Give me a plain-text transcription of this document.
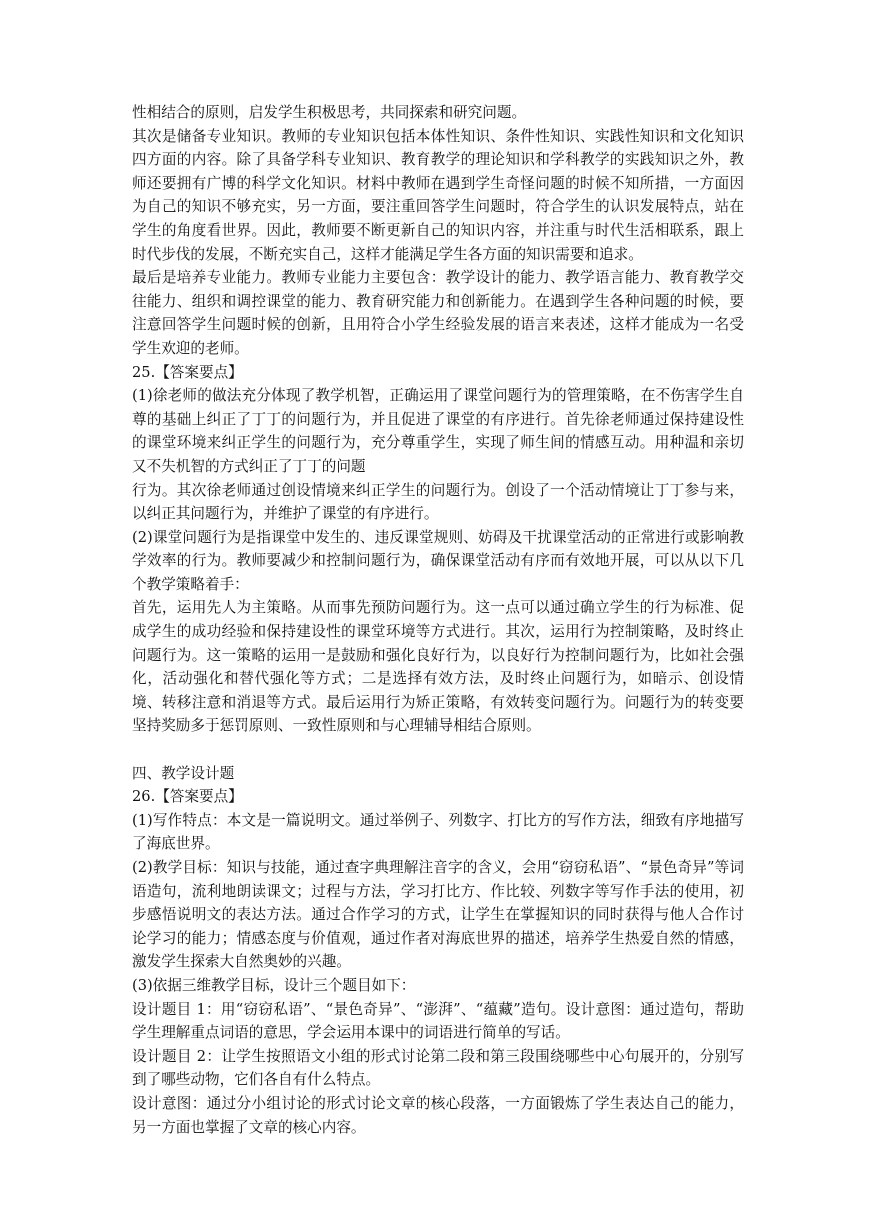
性相结合的原则，启发学生积极思考，共同探索和研究问题。

其次是储备专业知识。教师的专业知识包括本体性知识、条件性知识、实践性知识和文化知识四方面的内容。除了具备学科专业知识、教育教学的理论知识和学科教学的实践知识之外，教师还要拥有广博的科学文化知识。材料中教师在遇到学生奇怪问题的时候不知所措，一方面因为自己的知识不够充实，另一方面，要注重回答学生问题时，符合学生的认识发展特点，站在学生的角度看世界。因此，教师要不断更新自己的知识内容，并注重与时代生活相联系，跟上时代步伐的发展，不断充实自己，这样才能满足学生各方面的知识需要和追求。

最后是培养专业能力。教师专业能力主要包含：教学设计的能力、教学语言能力、教育教学交往能力、组织和调控课堂的能力、教育研究能力和创新能力。在遇到学生各种问题的时候，要注意回答学生问题时候的创新，且用符合小学生经验发展的语言来表述，这样才能成为一名受学生欢迎的老师。

25.【答案要点】

(1)徐老师的做法充分体现了教学机智，正确运用了课堂问题行为的管理策略，在不伤害学生自尊的基础上纠正了丁丁的问题行为，并且促进了课堂的有序进行。首先徐老师通过保持建设性的课堂环境来纠正学生的问题行为，充分尊重学生，实现了师生间的情感互动。用种温和亲切又不失机智的方式纠正了丁丁的问题

行为。其次徐老师通过创设情境来纠正学生的问题行为。创设了一个活动情境让丁丁参与来，以纠正其问题行为，并维护了课堂的有序进行。

(2)课堂问题行为是指课堂中发生的、违反课堂规则、妨碍及干扰课堂活动的正常进行或影响教学效率的行为。教师要减少和控制问题行为，确保课堂活动有序而有效地开展，可以从以下几个教学策略着手：

首先，运用先人为主策略。从而事先预防问题行为。这一点可以通过确立学生的行为标准、促成学生的成功经验和保持建设性的课堂环境等方式进行。其次，运用行为控制策略，及时终止问题行为。这一策略的运用一是鼓励和强化良好行为，以良好行为控制问题行为，比如社会强化，活动强化和替代强化等方式；二是选择有效方法，及时终止问题行为，如暗示、创设情境、转移注意和消退等方式。最后运用行为矫正策略，有效转变问题行为。问题行为的转变要坚持奖励多于惩罚原则、一致性原则和与心理辅导相结合原则。

四、教学设计题

26.【答案要点】

(1)写作特点：本文是一篇说明文。通过举例子、列数字、打比方的写作方法，细致有序地描写了海底世界。

(2)教学目标：知识与技能，通过查字典理解注音字的含义，会用“窃窃私语”、“景色奇异”等词语造句，流利地朗读课文；过程与方法，学习打比方、作比较、列数字等写作手法的使用，初步感悟说明文的表达方法。通过合作学习的方式，让学生在掌握知识的同时获得与他人合作讨论学习的能力；情感态度与价值观，通过作者对海底世界的描述，培养学生热爱自然的情感，激发学生探索大自然奥妙的兴趣。

(3)依据三维教学目标，设计三个题目如下：

设计题目 1：用“窃窃私语”、“景色奇异”、“澎湃”、“蕴藏”造句。设计意图：通过造句，帮助学生理解重点词语的意思，学会运用本课中的词语进行简单的写话。

设计题目 2：让学生按照语文小组的形式讨论第二段和第三段围绕哪些中心句展开的，分别写到了哪些动物，它们各自有什么特点。

设计意图：通过分小组讨论的形式讨论文章的核心段落，一方面锻炼了学生表达自己的能力，另一方面也掌握了文章的核心内容。
